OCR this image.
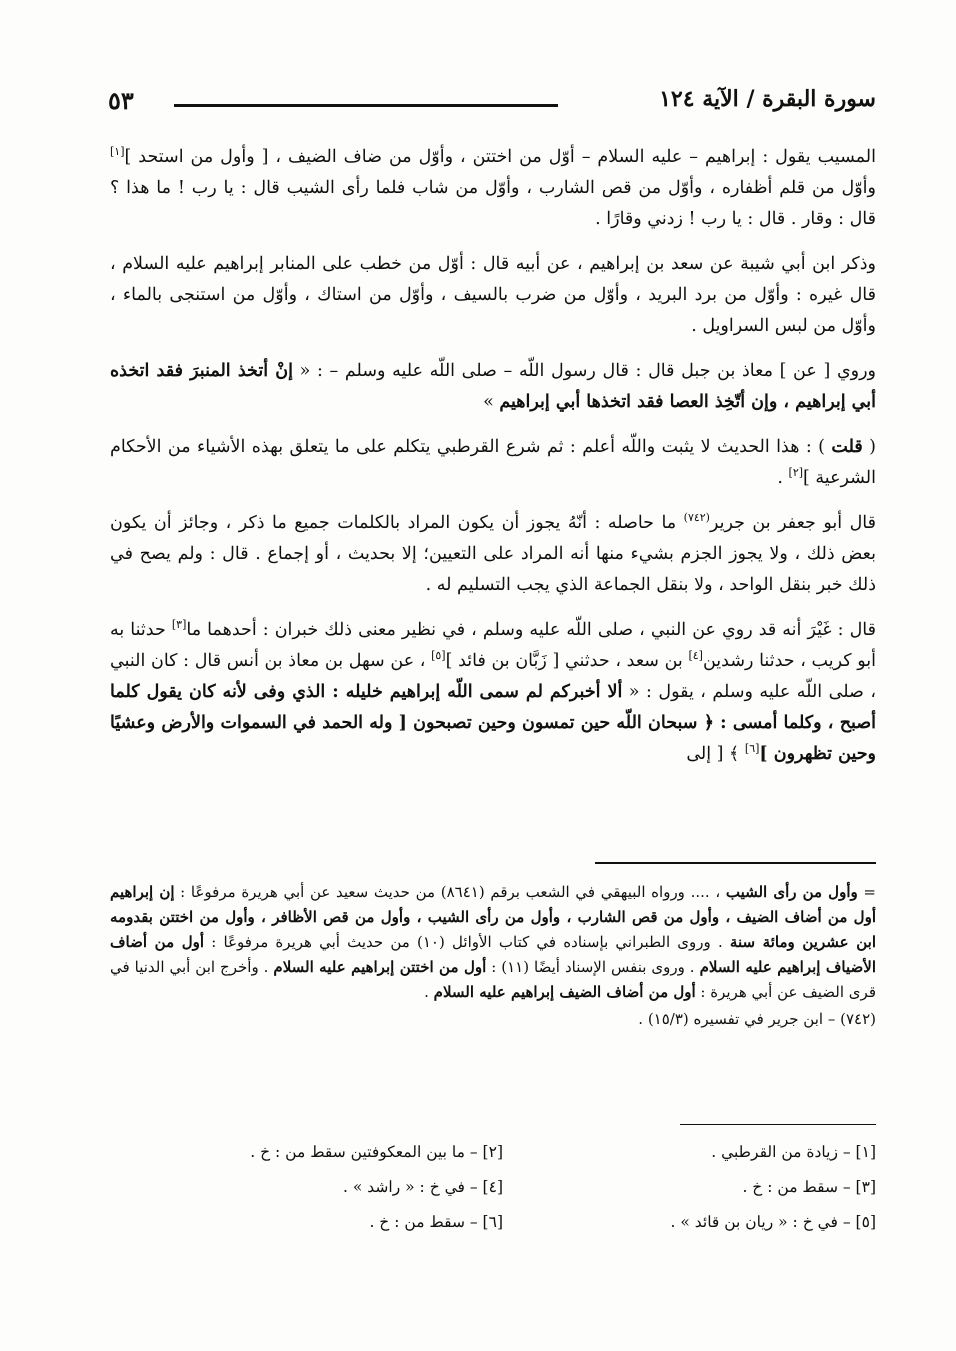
سورة البقرة / الآية ١٢٤
٥٣

المسيب يقول : إبراهيم – عليه السلام – أوّل من اختتن ، وأوّل من ضاف الضيف ، [ وأول من استحد ][١] وأوّل من قلم أظفاره ، وأوّل من قص الشارب ، وأوّل من شاب فلما رأى الشيب قال : يا رب ! ما هذا ؟ قال : وقار . قال : يا رب ! زدني وقارًا .

وذكر ابن أبي شيبة عن سعد بن إبراهيم ، عن أبيه قال : أوّل من خطب على المنابر إبراهيم عليه السلام ، قال غيره : وأوّل من برد البريد ، وأوّل من ضرب بالسيف ، وأوّل من استاك ، وأوّل من استنجى بالماء ، وأوّل من لبس السراويل .

وروي [ عن ] معاذ بن جبل قال : قال رسول اللّه – صلى اللّه عليه وسلم – : « إنْ أتخذ المنبرَ فقد اتخذه أبي إبراهيم ، وإن أتّخِذ العصا فقد اتخذها أبي إبراهيم »

( قلت ) : هذا الحديث لا يثبت واللّه أعلم : ثم شرع القرطبي يتكلم على ما يتعلق بهذه الأشياء من الأحكام الشرعية ][٢] .

قال أبو جعفر بن جرير$^{(٧٤٢)}$ ما حاصله : أنّهُ يجوز أن يكون المراد بالكلمات جميع ما ذكر ، وجائز أن يكون بعض ذلك ، ولا يجوز الجزم بشيء منها أنه المراد على التعيين؛ إلا بحديث ، أو إجماع . قال : ولم يصح في ذلك خبر بنقل الواحد ، ولا بنقل الجماعة الذي يجب التسليم له .

قال : غَيْرَ أنه قد روي عن النبي ، صلى اللّه عليه وسلم ، في نظير معنى ذلك خبران : أحدهما ما[٣] حدثنا به أبو كريب ، حدثنا رشدين[٤] بن سعد ، حدثني [ زَبَّان بن فائد ][٥] ، عن سهل بن معاذ بن أنس قال : كان النبي ، صلى اللّه عليه وسلم ، يقول : « ألا أخبركم لم سمى اللّه إبراهيم خليله : الذي وفى لأنه كان يقول كلما أصبح ، وكلما أمسى : ﴿ سبحان اللّه حين تمسون وحين تصبحون [ وله الحمد في السموات والأرض وعشيًا وحين تظهرون ][٦] ﴾ [ إلى

= وأول من رأى الشيب ، .... ورواه البيهقي في الشعب برقم (٨٦٤١) من حديث سعيد عن أبي هريرة مرفوعًا : إن إبراهيم أول من أضاف الضيف ، وأول من قص الشارب ، وأول من رأى الشيب ، وأول من قص الأظافر ، وأول من اختتن بقدومه ابن عشرين ومائة سنة . وروى الطبراني بإسناده في كتاب الأوائل (١٠) من حديث أبي هريرة مرفوعًا : أول من أضاف الأضياف إبراهيم عليه السلام . وروى بنفس الإسناد أيضًا (١١) : أول من اختتن إبراهيم عليه السلام . وأخرج ابن أبي الدنيا في قرى الضيف عن أبي هريرة : أول من أضاف الضيف إبراهيم عليه السلام .

(٧٤٢) – ابن جرير في تفسيره (١٥/٣) .

[١] – زيادة من القرطبي .
[٢] – ما بين المعكوفتين سقط من : خ .
[٣] – سقط من : خ .
[٤] – في خ : « راشد » .
[٥] – في خ : « ريان بن قائد » .
[٦] – سقط من : خ .
